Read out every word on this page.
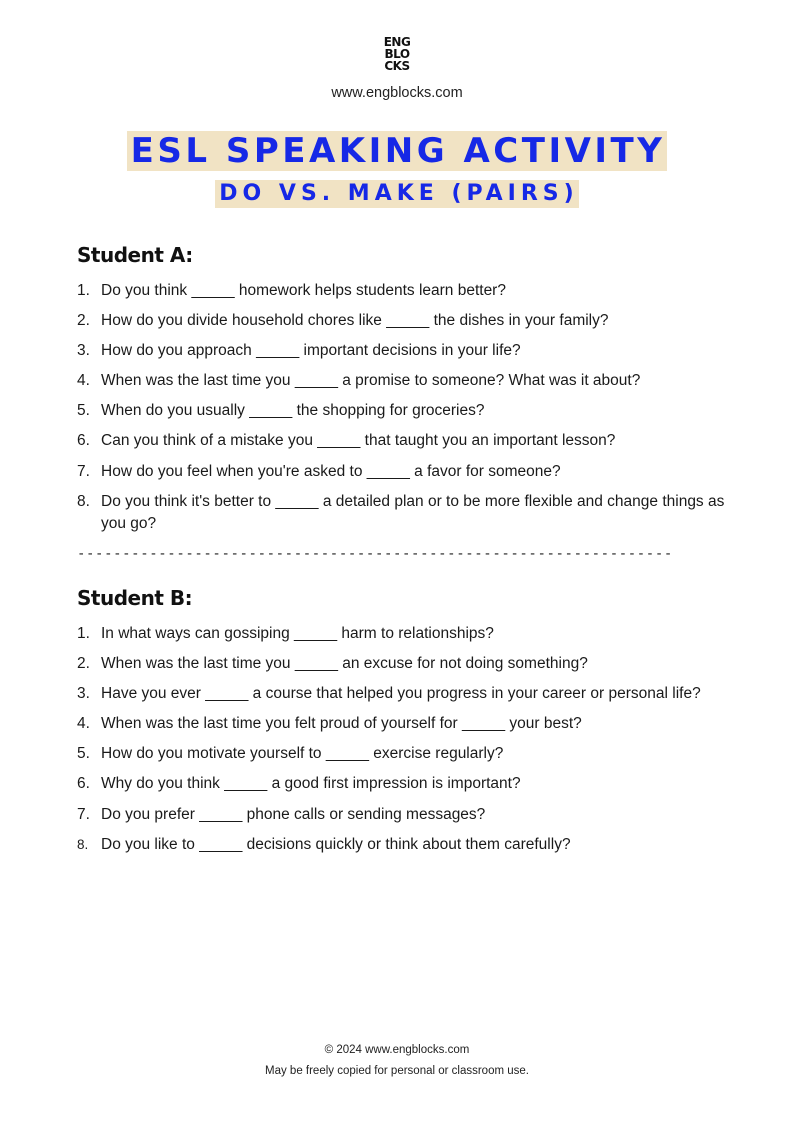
ENG
BLO
CKS
www.engblocks.com
ESL SPEAKING ACTIVITY
DO VS. MAKE (PAIRS)
Student A:
1. Do you think _____ homework helps students learn better?
2. How do you divide household chores like _____ the dishes in your family?
3. How do you approach _____ important decisions in your life?
4. When was the last time you _____ a promise to someone? What was it about?
5. When do you usually _____ the shopping for groceries?
6. Can you think of a mistake you _____ that taught you an important lesson?
7. How do you feel when you're asked to _____ a favor for someone?
8. Do you think it's better to _____ a detailed plan or to be more flexible and change things as you go?
------------------------------------------------------------------
Student B:
1. In what ways can gossiping _____ harm to relationships?
2. When was the last time you _____ an excuse for not doing something?
3. Have you ever _____ a course that helped you progress in your career or personal life?
4. When was the last time you felt proud of yourself for _____ your best?
5. How do you motivate yourself to _____ exercise regularly?
6. Why do you think _____ a good first impression is important?
7. Do you prefer _____ phone calls or sending messages?
8. Do you like to _____ decisions quickly or think about them carefully?
© 2024 www.engblocks.com
May be freely copied for personal or classroom use.
